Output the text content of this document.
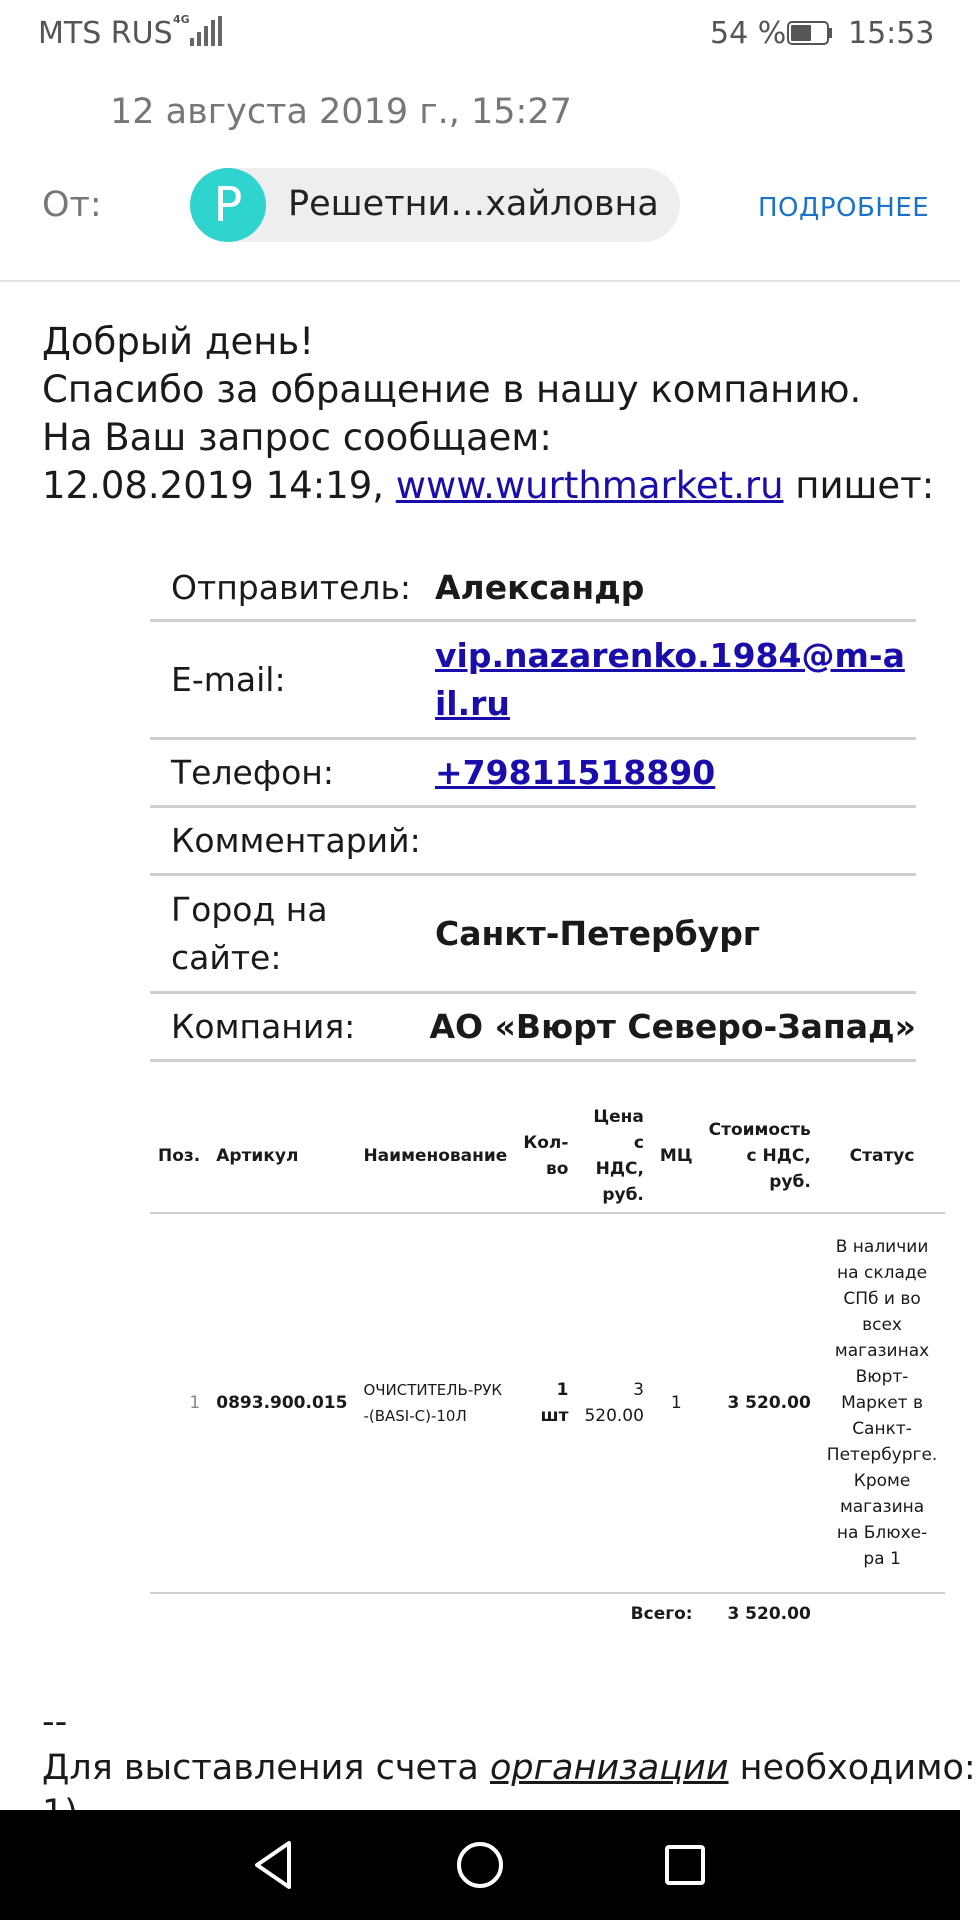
MTS RUS 4G	54 % 15:53
12 августа 2019 г., 15:27
От:	Р	Решетни…хайловна	ПОДРОБНЕЕ
Добрый день!
Спасибо за обращение в нашу компанию.
На Ваш запрос сообщаем:
12.08.2019 14:19, www.wurthmarket.ru пишет:
Отправитель: Александр
E-mail:
vip.nazarenko.1984@m-ail.ru
Телефон:	+79811518890
Комментарий:
Город на сайте:
Санкт-Петербург
Компания:	АО «Вюрт Северо-Запад»
Поз.	Артикул	Наименование	Кол-во	Цена с НДС, руб.	МЦ	Стоимость с НДС, руб.	Статус
1	0893.900.015	ОЧИСТИТЕЛЬ-РУК-(BASI-C)-10Л	1 шт	3 520.00	1	3 520.00	В наличии на складе СПб и во всех магазинах Вюрт-Маркет в Санкт-Петербурге. Кроме магазина на Блюхе-ра 1
Всего:						3 520.00	
--
Для выставления счета организации необходимо:
